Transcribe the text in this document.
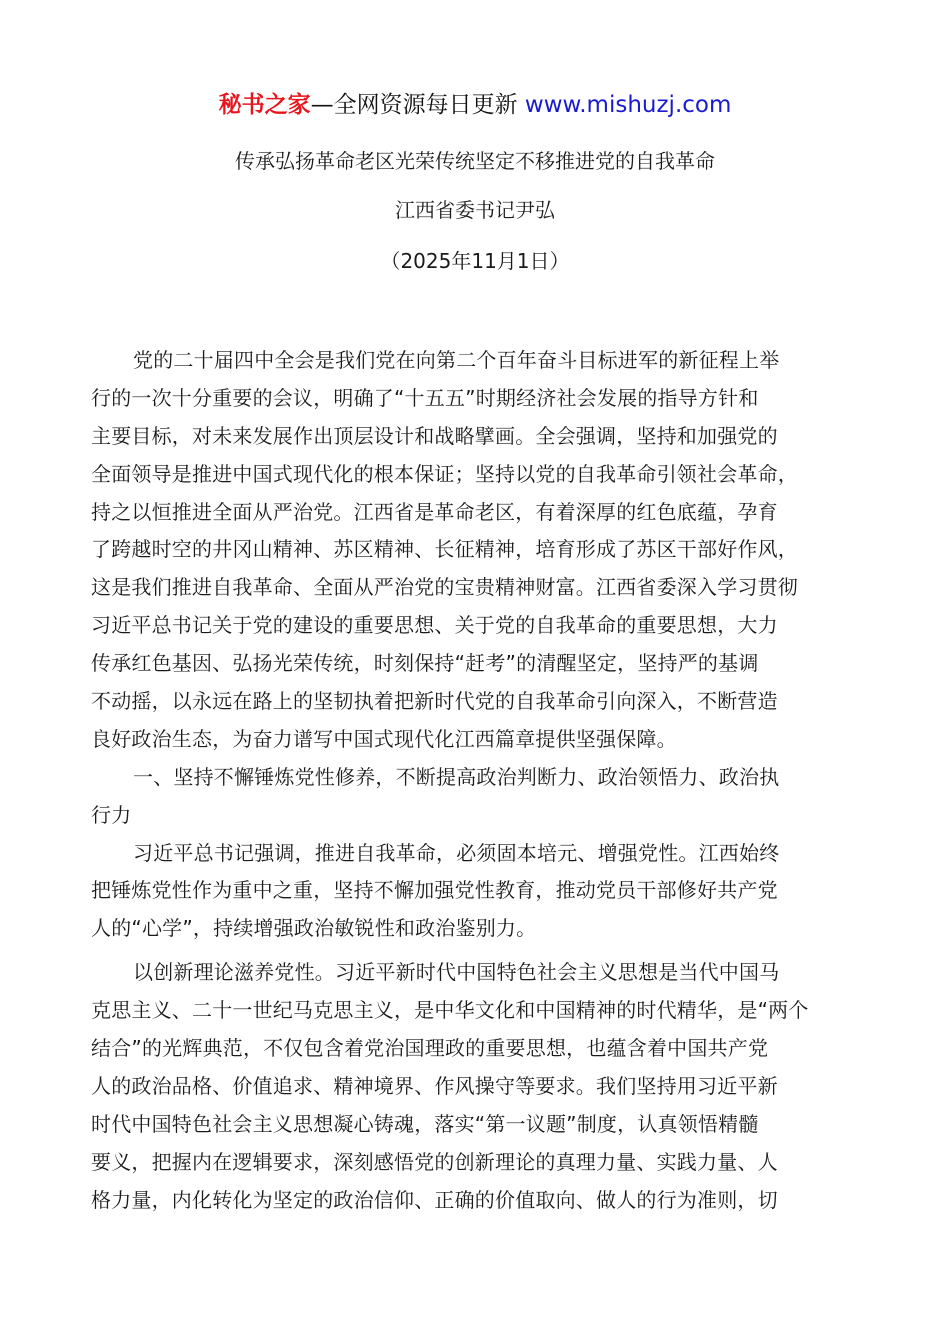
秘书之家—全网资源每日更新 www.mishuzj.com
传承弘扬革命老区光荣传统坚定不移推进党的自我革命
江西省委书记尹弘
（2025年11月1日）
党的二十届四中全会是我们党在向第二个百年奋斗目标进军的新征程上举
行的一次十分重要的会议，明确了“十五五”时期经济社会发展的指导方针和
主要目标，对未来发展作出顶层设计和战略擘画。全会强调，坚持和加强党的
全面领导是推进中国式现代化的根本保证；坚持以党的自我革命引领社会革命，
持之以恒推进全面从严治党。江西省是革命老区，有着深厚的红色底蕴，孕育
了跨越时空的井冈山精神、苏区精神、长征精神，培育形成了苏区干部好作风，
这是我们推进自我革命、全面从严治党的宝贵精神财富。江西省委深入学习贯彻
习近平总书记关于党的建设的重要思想、关于党的自我革命的重要思想，大力
传承红色基因、弘扬光荣传统，时刻保持“赶考”的清醒坚定，坚持严的基调
不动摇，以永远在路上的坚韧执着把新时代党的自我革命引向深入，不断营造
良好政治生态，为奋力谱写中国式现代化江西篇章提供坚强保障。
一、坚持不懈锤炼党性修养，不断提高政治判断力、政治领悟力、政治执
行力
习近平总书记强调，推进自我革命，必须固本培元、增强党性。江西始终
把锤炼党性作为重中之重，坚持不懈加强党性教育，推动党员干部修好共产党
人的“心学”，持续增强政治敏锐性和政治鉴别力。
以创新理论滋养党性。习近平新时代中国特色社会主义思想是当代中国马
克思主义、二十一世纪马克思主义，是中华文化和中国精神的时代精华，是“两个
结合”的光辉典范，不仅包含着党治国理政的重要思想，也蕴含着中国共产党
人的政治品格、价值追求、精神境界、作风操守等要求。我们坚持用习近平新
时代中国特色社会主义思想凝心铸魂，落实“第一议题”制度，认真领悟精髓
要义，把握内在逻辑要求，深刻感悟党的创新理论的真理力量、实践力量、人
格力量，内化转化为坚定的政治信仰、正确的价值取向、做人的行为准则，切
